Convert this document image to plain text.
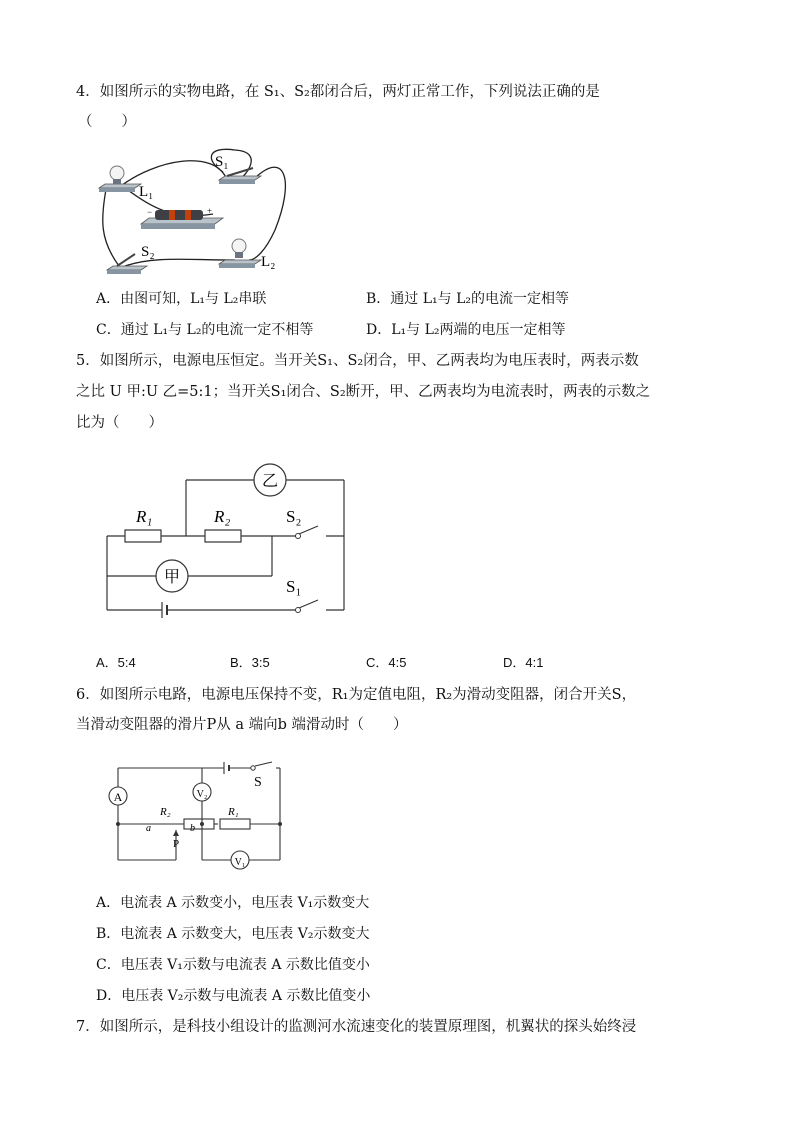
4．如图所示的实物电路，在 S₁、S₂都闭合后，两灯正常工作，下列说法正确的是
（　　）
−	+
S₁
L₁
S₂
L₂
A．由图可知，L₁与 L₂串联	B．通过 L₁与 L₂的电流一定相等
C．通过 L₁与 L₂的电流一定不相等	D．L₁与 L₂两端的电压一定相等
5．如图所示，电源电压恒定。当开关S₁、S₂闭合，甲、乙两表均为电压表时，两表示数
之比 U 甲:U 乙=5:1；当开关S₁闭合、S₂断开，甲、乙两表均为电流表时，两表的示数之
比为（　　）
乙
甲
R₁	R₂	S₂
S₁
A．5:4	B．3:5	C．4:5	D．4:1
6．如图所示电路，电源电压保持不变，R₁为定值电阻，R₂为滑动变阻器，闭合开关S，
当滑动变阻器的滑片P从 a 端向b 端滑动时（　　）
A	V₂
V₁
R₂	R₁
S
a	b
P
A．电流表 A 示数变小，电压表 V₁示数变大
B．电流表 A 示数变大，电压表 V₂示数变大
C．电压表 V₁示数与电流表 A 示数比值变小
D．电压表 V₂示数与电流表 A 示数比值变小
7．如图所示，是科技小组设计的监测河水流速变化的装置原理图，机翼状的探头始终浸
